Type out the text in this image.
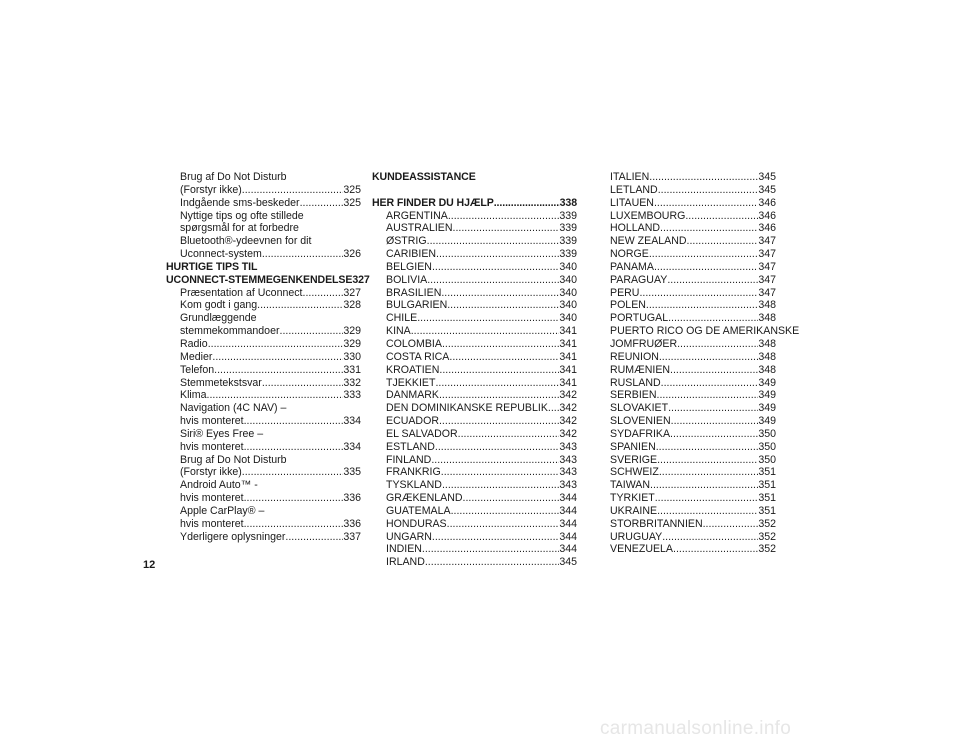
Brug af Do Not Disturb
(Forstyr ikke) .....	325
Indgående sms-beskeder .....	325
Nyttige tips og ofte stillede
spørgsmål for at forbedre
Bluetooth®-ydeevnen for dit
Uconnect-system .....	326
HURTIGE TIPS TIL
UCONNECT-STEMMEGENKENDELSE 327
Præsentation af Uconnect .....	327
Kom godt i gang .....	328
Grundlæggende
stemmekommandoer .....	329
Radio .....	329
Medier .....	330
Telefon .....	331
Stemmetekstsvar .....	332
Klima .....	333
Navigation (4C NAV) –
hvis monteret .....	334
Siri® Eyes Free –
hvis monteret .....	334
Brug af Do Not Disturb
(Forstyr ikke) .....	335
Android Auto™ -
hvis monteret .....	336
Apple CarPlay® –
hvis monteret .....	336
Yderligere oplysninger .....	337
KUNDEASSISTANCE
HER FINDER DU HJÆLP .....	338
ARGENTINA .....	339
AUSTRALIEN .....	339
ØSTRIG .....	339
CARIBIEN .....	339
BELGIEN .....	340
BOLIVIA .....	340
BRASILIEN .....	340
BULGARIEN .....	340
CHILE .....	340
KINA .....	341
COLOMBIA .....	341
COSTA RICA .....	341
KROATIEN .....	341
TJEKKIET .....	341
DANMARK .....	342
DEN DOMINIKANSKE REPUBLIK ..... 342
ECUADOR .....	342
EL SALVADOR .....	342
ESTLAND .....	343
FINLAND .....	343
FRANKRIG .....	343
TYSKLAND .....	343
GRÆKENLAND .....	344
GUATEMALA .....	344
HONDURAS .....	344
UNGARN .....	344
INDIEN .....	344
IRLAND .....	345
ITALIEN .....	345
LETLAND .....	345
LITAUEN .....	346
LUXEMBOURG .....	346
HOLLAND .....	346
NEW ZEALAND .....	347
NORGE .....	347
PANAMA .....	347
PARAGUAY .....	347
PERU .....	347
POLEN .....	348
PORTUGAL .....	348
PUERTO RICO OG DE AMERIKANSKE
JOMFRUØER .....	348
REUNION .....	348
RUMÆNIEN .....	348
RUSLAND .....	349
SERBIEN .....	349
SLOVAKIET .....	349
SLOVENIEN .....	349
SYDAFRIKA .....	350
SPANIEN .....	350
SVERIGE .....	350
SCHWEIZ .....	351
TAIWAN .....	351
TYRKIET .....	351
UKRAINE. .....	351
STORBRITANNIEN .....	352
URUGUAY .....	352
VENEZUELA .....	352
12
carmanualsonline.info
